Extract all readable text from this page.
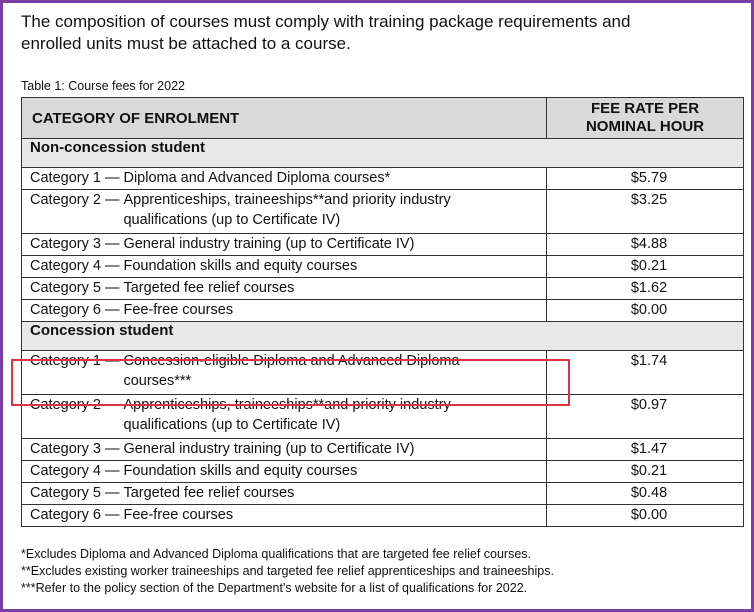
The composition of courses must comply with training package requirements and
enrolled units must be attached to a course.
Table 1: Course fees for 2022
CATEGORY OF ENROLMENT	FEE RATE PER
NOMINAL HOUR

Non-concession student	

Category 1 — Diploma and Advanced Diploma courses*	$5.79

Category 2 — Apprenticeships, traineeships**and priority industry
qualifications (up to Certificate IV)	$3.25

Category 3 — General industry training (up to Certificate IV)	$4.88

Category 4 — Foundation skills and equity courses	$0.21

Category 5 — Targeted fee relief courses	$1.62

Category 6 — Fee-free courses	$0.00
Concession student	

Category 1 — Concession-eligible Diploma and Advanced Diploma
courses***	$1.74

Category 2 — Apprenticeships, traineeships**and priority industry
qualifications (up to Certificate IV)	$0.97

Category 3 — General industry training (up to Certificate IV)	$1.47

Category 4 — Foundation skills and equity courses	$0.21

Category 5 — Targeted fee relief courses	$0.48

Category 6 — Fee-free courses	$0.00
*Excludes Diploma and Advanced Diploma qualifications that are targeted fee relief courses.
**Excludes existing worker traineeships and targeted fee relief apprenticeships and traineeships.
***Refer to the policy section of the Department's website for a list of qualifications for 2022.
